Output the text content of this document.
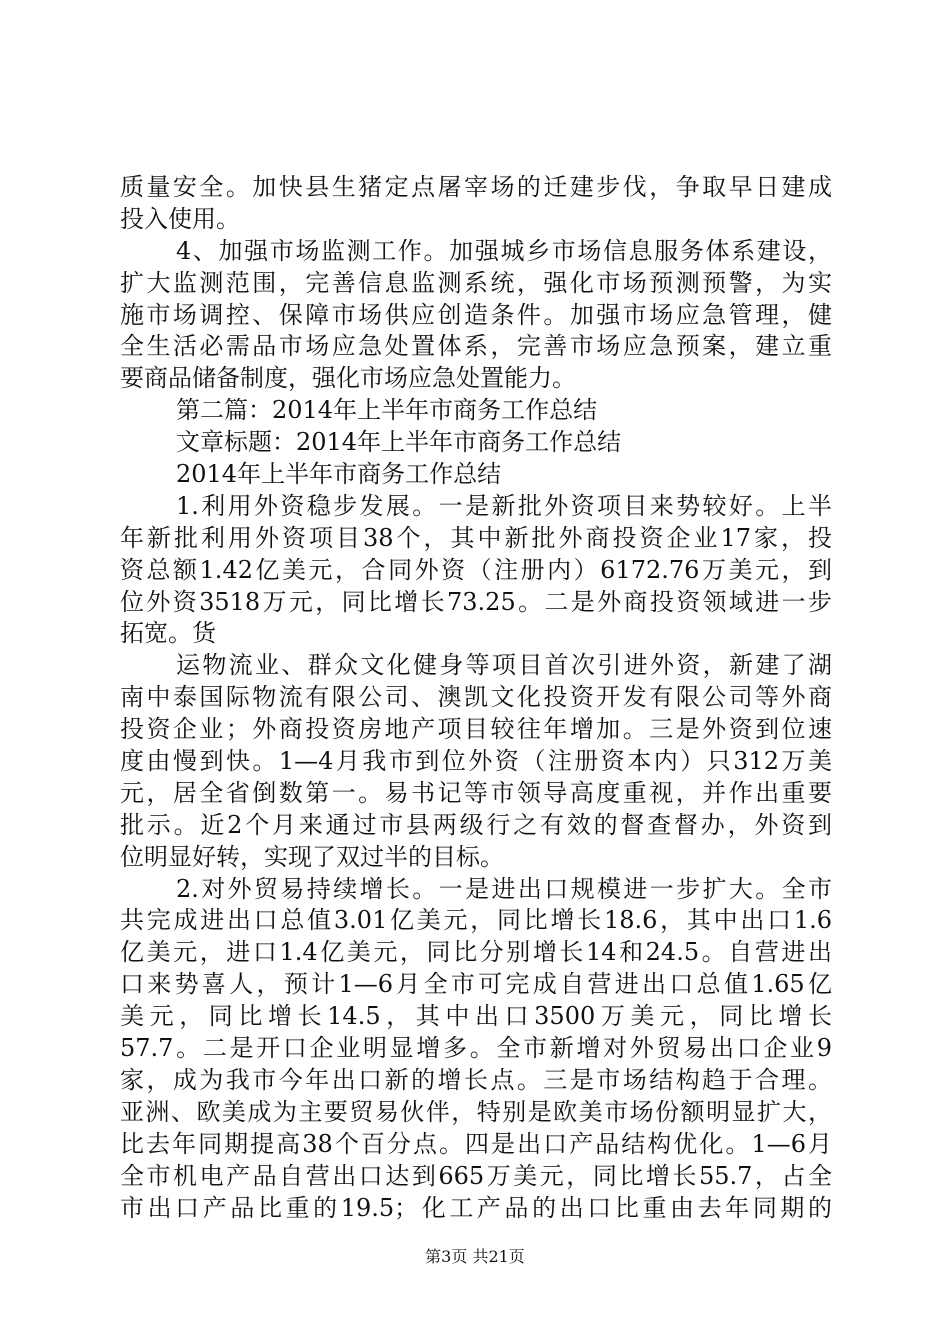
质量安全。加快县生猪定点屠宰场的迁建步伐，争取早日建成
投入使用。
4、加强市场监测工作。加强城乡市场信息服务体系建设，
扩大监测范围，完善信息监测系统，强化市场预测预警，为实
施市场调控、保障市场供应创造条件。加强市场应急管理，健
全生活必需品市场应急处置体系，完善市场应急预案，建立重
要商品储备制度，强化市场应急处置能力。
第二篇：2014年上半年市商务工作总结
文章标题：2014年上半年市商务工作总结
2014年上半年市商务工作总结
1.利用外资稳步发展。一是新批外资项目来势较好。上半
年新批利用外资项目38个，其中新批外商投资企业17家，投
资总额1.42亿美元，合同外资（注册内）6172.76万美元，到
位外资3518万元，同比增长73.25。二是外商投资领域进一步
拓宽。货
运物流业、群众文化健身等项目首次引进外资，新建了湖
南中泰国际物流有限公司、澳凯文化投资开发有限公司等外商
投资企业；外商投资房地产项目较往年增加。三是外资到位速
度由慢到快。1—4月我市到位外资（注册资本内）只312万美
元，居全省倒数第一。易书记等市领导高度重视，并作出重要
批示。近2个月来通过市县两级行之有效的督查督办，外资到
位明显好转，实现了双过半的目标。
2.对外贸易持续增长。一是进出口规模进一步扩大。全市
共完成进出口总值3.01亿美元，同比增长18.6，其中出口1.6
亿美元，进口1.4亿美元，同比分别增长14和24.5。自营进出
口来势喜人，预计1—6月全市可完成自营进出口总值1.65亿
美元，同比增长14.5，其中出口3500万美元，同比增长
57.7。二是开口企业明显增多。全市新增对外贸易出口企业9
家，成为我市今年出口新的增长点。三是市场结构趋于合理。
亚洲、欧美成为主要贸易伙伴，特别是欧美市场份额明显扩大，
比去年同期提高38个百分点。四是出口产品结构优化。1—6月
全市机电产品自营出口达到665万美元，同比增长55.7，占全
市出口产品比重的19.5；化工产品的出口比重由去年同期的
第3页 共21页
